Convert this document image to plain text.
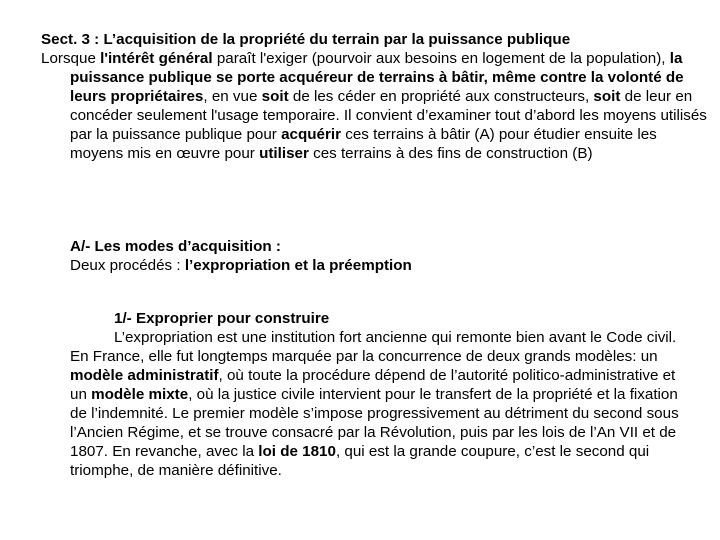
Sect. 3 : L’acquisition de la propriété du terrain par la puissance publique

Lorsque l'intérêt général paraît l'exiger (pourvoir aux besoins en logement de la population), la puissance publique se porte acquéreur de terrains à bâtir, même contre la volonté de leurs propriétaires, en vue soit de les céder en propriété aux constructeurs, soit de leur en concéder seulement l'usage temporaire. Il convient d’examiner tout d’abord les moyens utilisés par la puissance publique pour acquérir ces terrains à bâtir (A) pour étudier ensuite les moyens mis en œuvre pour utiliser ces terrains à des fins de construction (B)

A/- Les modes d’acquisition :
Deux procédés : l’expropriation et la préemption
1/- Exproprier pour construire
L’expropriation est une institution fort ancienne qui remonte bien avant le Code civil. En France, elle fut longtemps marquée par la concurrence de deux grands modèles: un modèle administratif, où toute la procédure dépend de l’autorité politico-administrative et un modèle mixte, où la justice civile intervient pour le transfert de la propriété et la fixation de l’indemnité. Le premier modèle s’impose progressivement au détriment du second sous l’Ancien Régime, et se trouve consacré par la Révolution, puis par les lois de l’An VII et de 1807. En revanche, avec la loi de 1810, qui est la grande coupure, c’est le second qui triomphe, de manière définitive.
